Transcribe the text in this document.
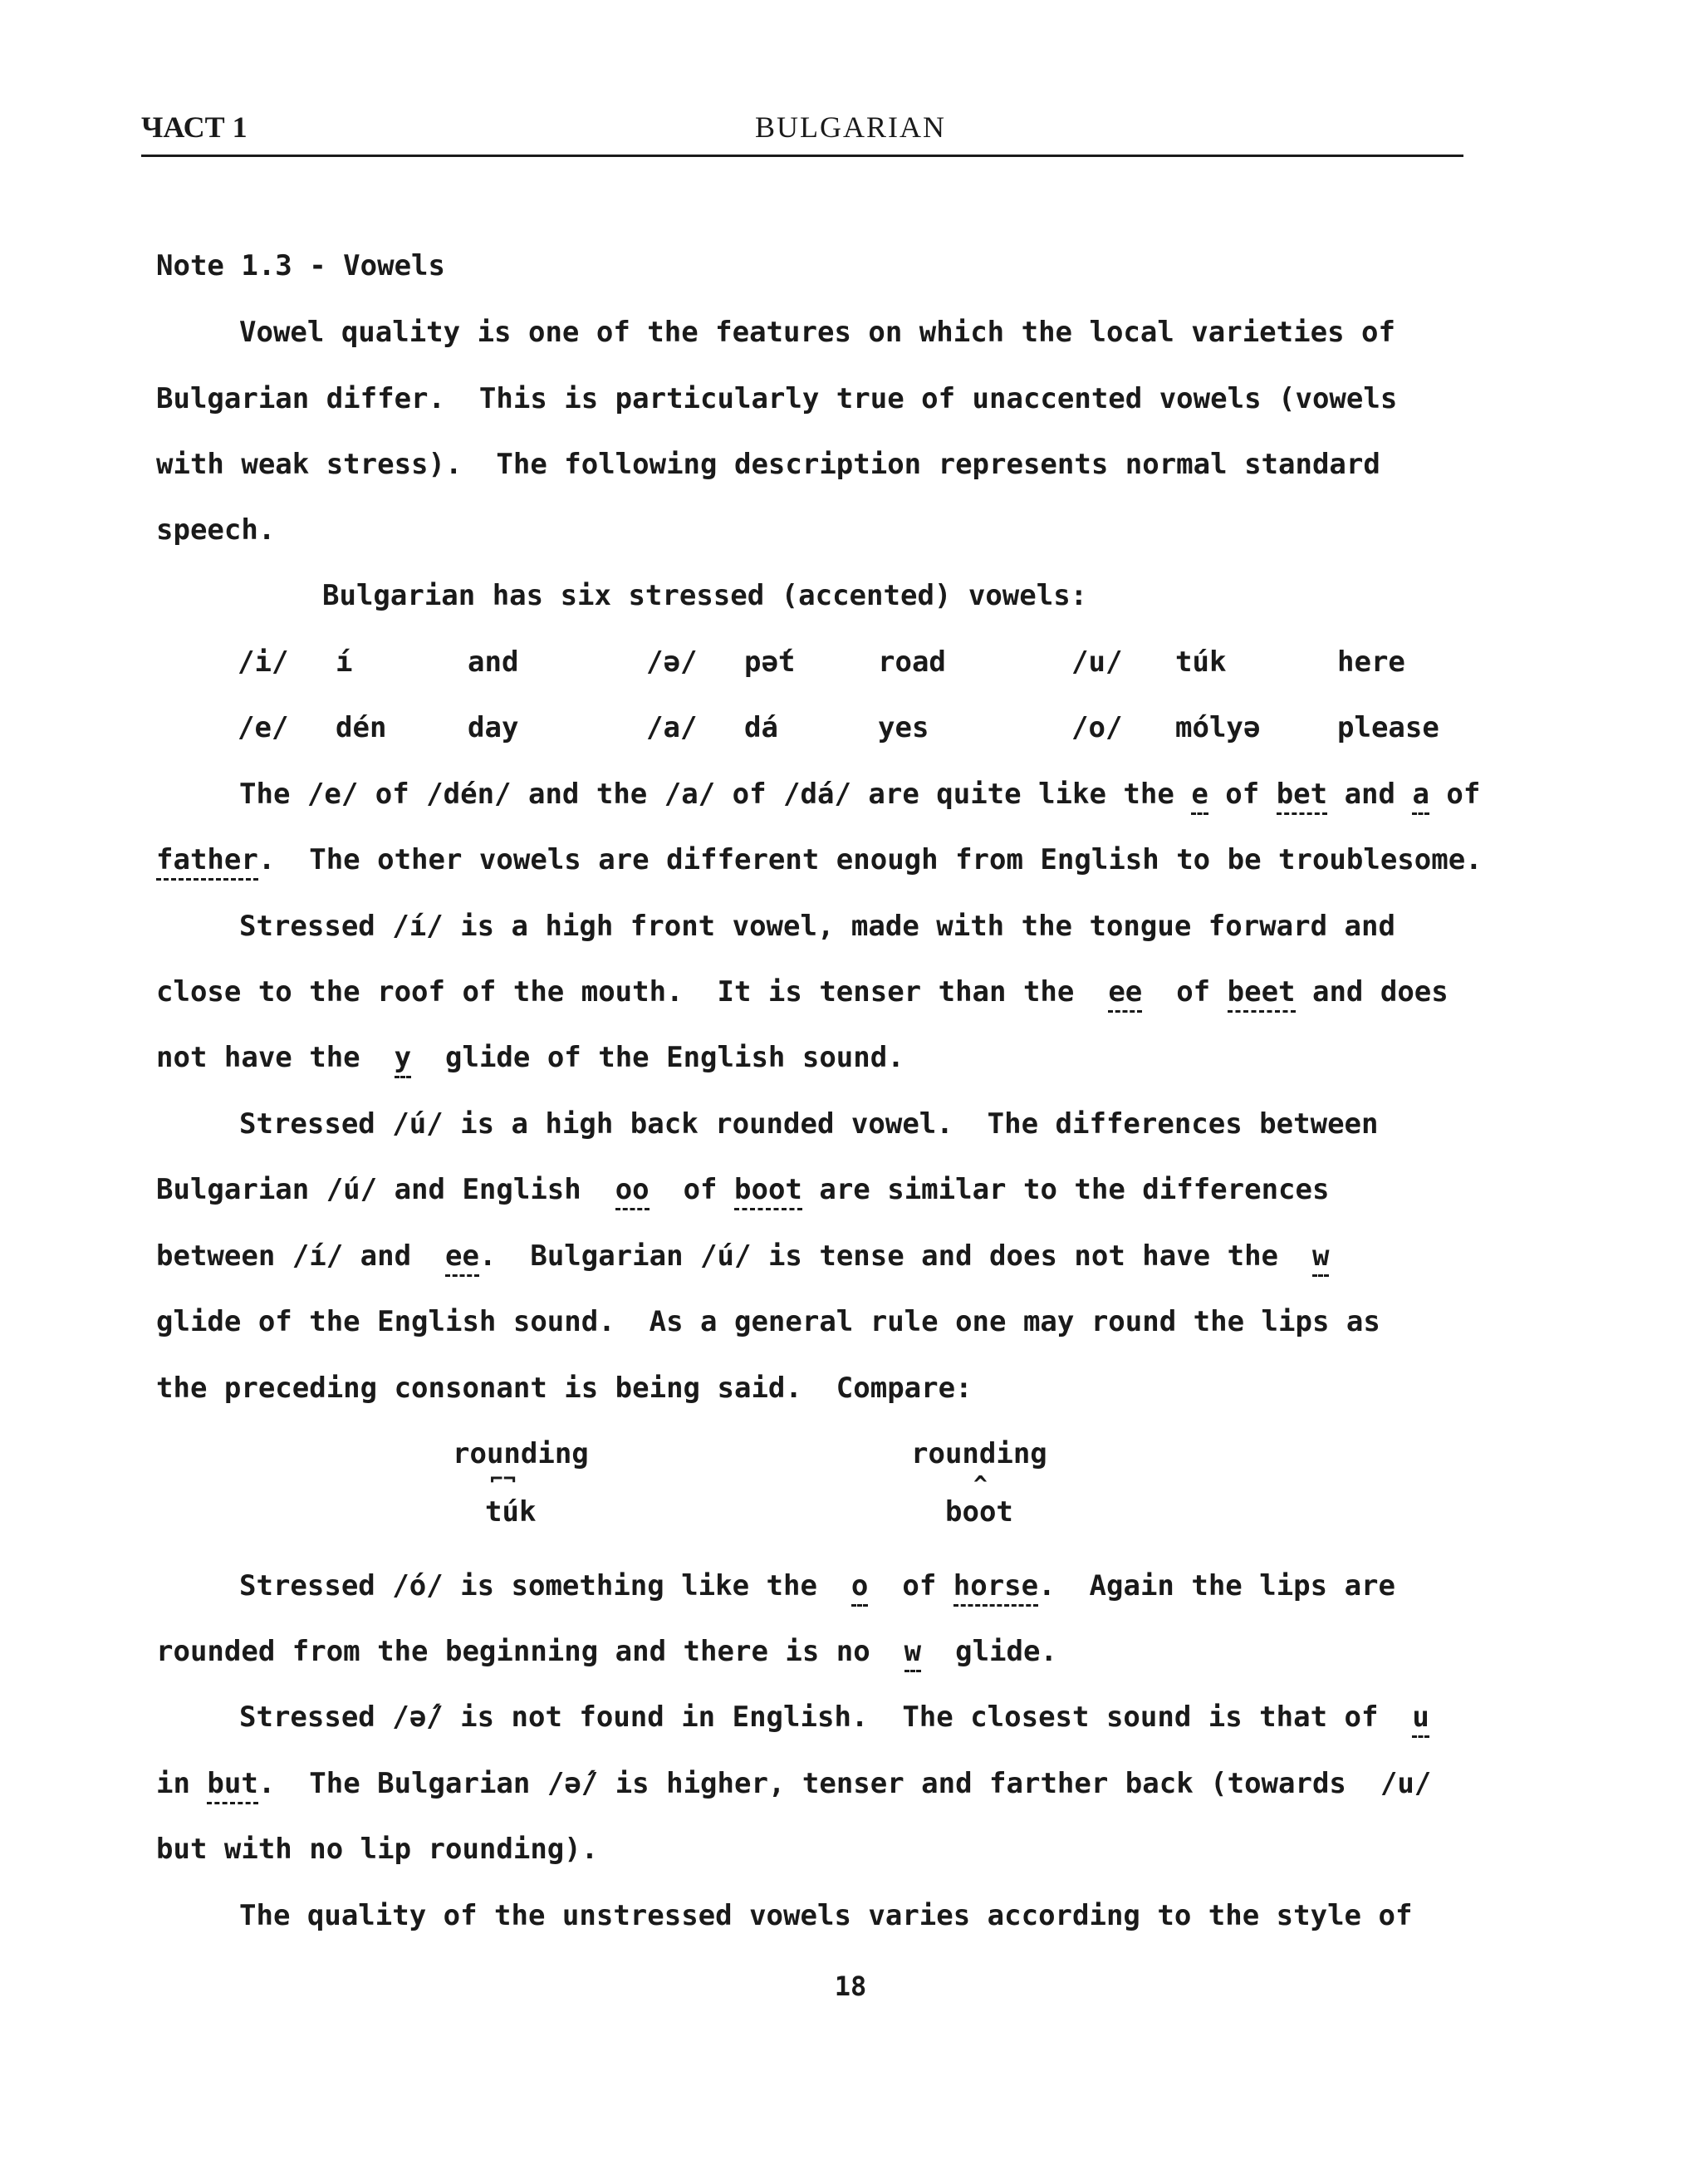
ЧАСТ 1	BULGARIAN
Note 1.3 - Vowels
Vowel quality is one of the features on which the local varieties of
Bulgarian differ.  This is particularly true of unaccented vowels (vowels
with weak stress).  The following description represents normal standard
speech.
Bulgarian has six stressed (accented) vowels:
/i/ í	and	/ə/ pə́t	road	/u/ túk	here
/e/ dén	day	/a/ dá	yes	/o/ mólyə	please
The /e/ of /dén/ and the /a/ of /dá/ are quite like the e of bet and a of
father.  The other vowels are different enough from English to be troublesome.
Stressed /í/ is a high front vowel, made with the tongue forward and
close to the roof of the mouth.  It is tenser than the  ee  of beet and does
not have the  y  glide of the English sound.
Stressed /ú/ is a high back rounded vowel.  The differences between
Bulgarian /ú/ and English  oo  of boot are similar to the differences
between /í/ and  ee.  Bulgarian /ú/ is tense and does not have the  w
glide of the English sound.  As a general rule one may round the lips as
the preceding consonant is being said.  Compare:
rounding
⌐¬
túk
rounding
^
boot
Stressed /ó/ is something like the  o  of horse.  Again the lips are
rounded from the beginning and there is no  w  glide.
Stressed /ə́/ is not found in English.  The closest sound is that of  u
in but.  The Bulgarian /ə́/ is higher, tenser and farther back (towards  /u/
but with no lip rounding).
The quality of the unstressed vowels varies according to the style of
18
